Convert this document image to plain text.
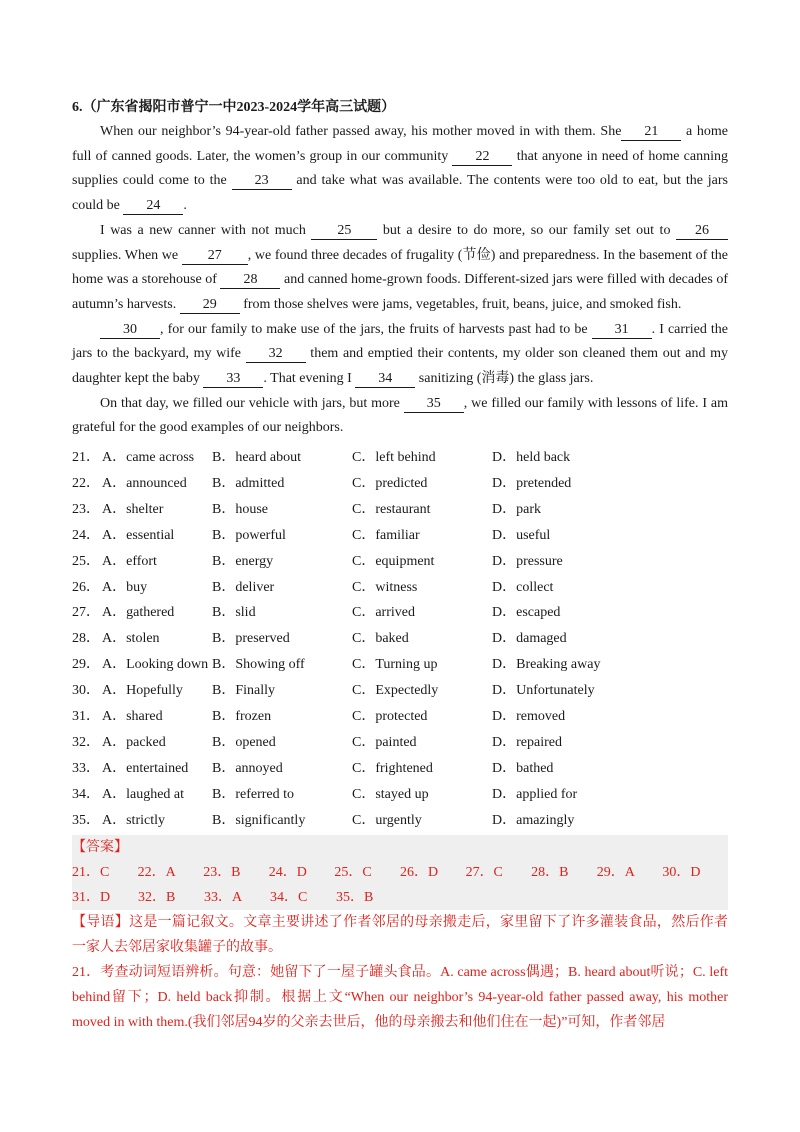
6.（广东省揭阳市普宁一中2023-2024学年高三试题）

When our neighbor’s 94-year-old father passed away, his mother moved in with them. She 21 a home full of canned goods. Later, the women’s group in our community 22 that anyone in need of home canning supplies could come to the 23 and take what was available. The contents were too old to eat, but the jars could be 24 .

I was a new canner with not much 25 but a desire to do more, so our family set out to 26 supplies. When we 27 , we found three decades of frugality (节俭) and preparedness. In the basement of the home was a storehouse of 28 and canned home-grown foods. Different-sized jars were filled with decades of autumn’s harvests. 29 from those shelves were jams, vegetables, fruit, beans, juice, and smoked fish.

30 , for our family to make use of the jars, the fruits of harvests past had to be 31 . I carried the jars to the backyard, my wife 32 them and emptied their contents, my older son cleaned them out and my daughter kept the baby 33 . That evening I 34 sanitizing (消毒) the glass jars.

On that day, we filled our vehicle with jars, but more 35 , we filled our family with lessons of life. I am grateful for the good examples of our neighbors.

21． A．came across	B．heard about	C．left behind	D．held back
22． A．announced	B．admitted	C．predicted	D．pretended
23． A．shelter	B．house	C．restaurant	D．park
24． A．essential	B．powerful	C．familiar	D．useful
25． A．effort	B．energy	C．equipment	D．pressure
26． A．buy	B．deliver	C．witness	D．collect
27． A．gathered	B．slid	C．arrived	D．escaped
28． A．stolen	B．preserved	C．baked	D．damaged
29． A．Looking down B．Showing off	C．Turning up	D．Breaking away
30． A．Hopefully	B．Finally	C．Expectedly	D．Unfortunately
31． A．shared	B．frozen	C．protected	D．removed
32． A．packed	B．opened	C．painted	D．repaired
33． A．entertained	B．annoyed	C．frightened	D．bathed
34． A．laughed at	B．referred to	C．stayed up	D．applied for
35． A．strictly	B．significantly	C．urgently	D．amazingly
【答案】
21．C	22．A	23．B	24．D	25．C	26．D	27．C	28．B	29．A	30．D
31．D	32．B	33．A	34．C	35．B

【导语】这是一篇记叙文。文章主要讲述了作者邻居的母亲搬走后，家里留下了许多灌装食品，然后作者一家人去邻居家收集罐子的故事。

21．考查动词短语辨析。句意：她留下了一屋子罐头食品。A. came across偶遇；B. heard about听说；C. left behind留下；D. held back抑制。根据上文“When our neighbor’s 94-year-old father passed away, his mother moved in with them.(我们邻居94岁的父亲去世后，他的母亲搬去和他们住在一起)”可知，作者邻居
